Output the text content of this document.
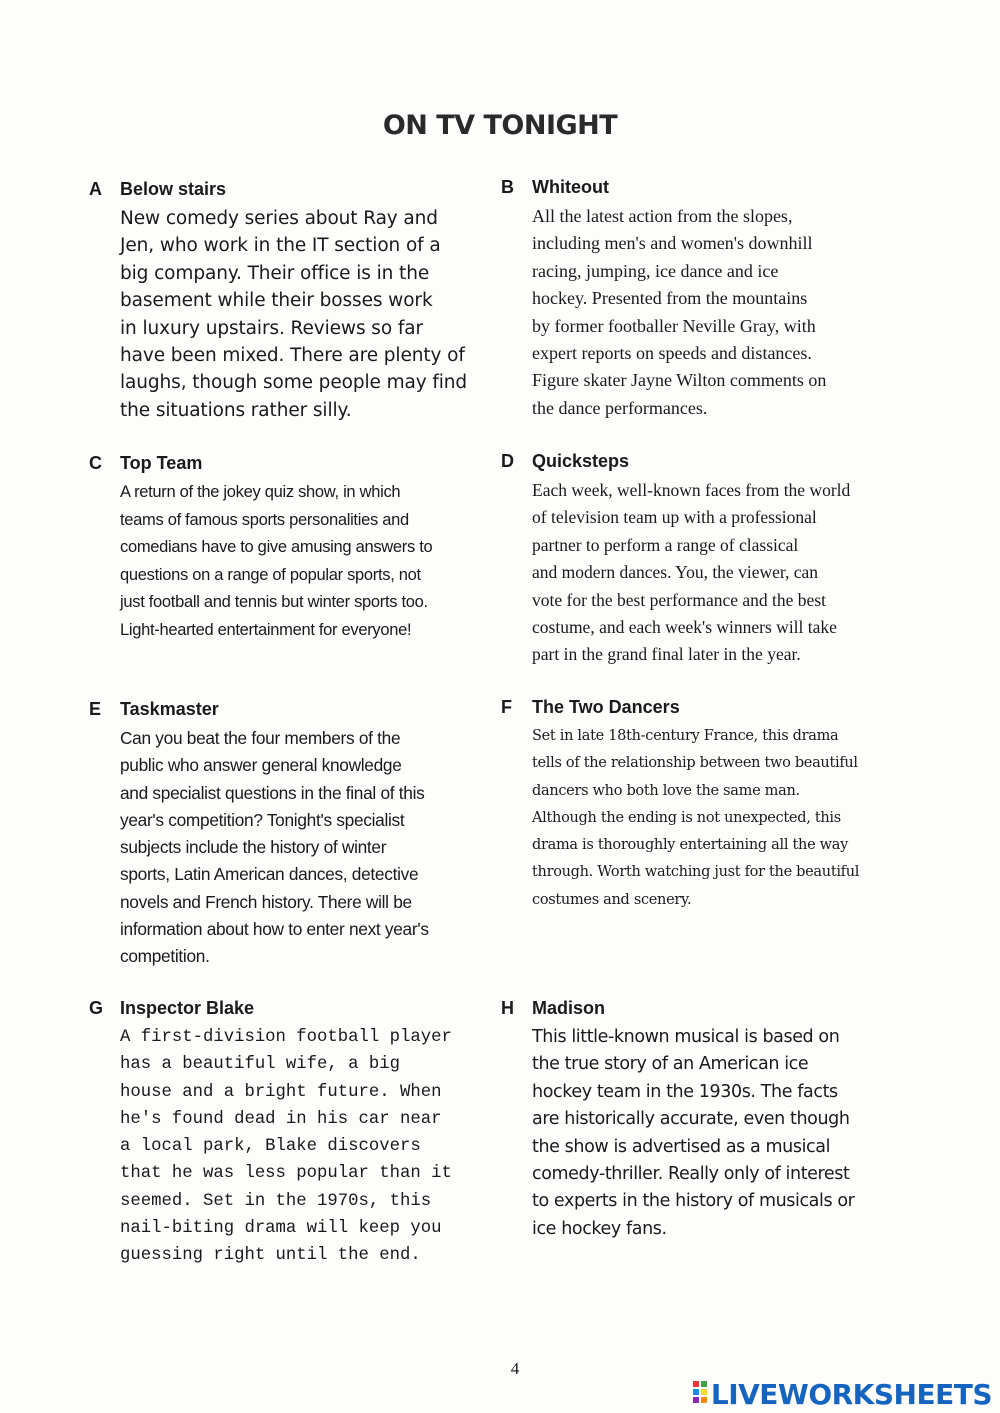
ON TV TONIGHT
A Below stairs
New comedy series about Ray and
Jen, who work in the IT section of a
big company. Their office is in the
basement while their bosses work
in luxury upstairs. Reviews so far
have been mixed. There are plenty of
laughs, though some people may find
the situations rather silly.
B Whiteout
All the latest action from the slopes,
including men's and women's downhill
racing, jumping, ice dance and ice
hockey. Presented from the mountains
by former footballer Neville Gray, with
expert reports on speeds and distances.
Figure skater Jayne Wilton comments on
the dance performances.
C Top Team
A return of the jokey quiz show, in which
teams of famous sports personalities and
comedians have to give amusing answers to
questions on a range of popular sports, not
just football and tennis but winter sports too.
Light-hearted entertainment for everyone!
D Quicksteps
Each week, well-known faces from the world
of television team up with a professional
partner to perform a range of classical
and modern dances. You, the viewer, can
vote for the best performance and the best
costume, and each week's winners will take
part in the grand final later in the year.
E Taskmaster
Can you beat the four members of the
public who answer general knowledge
and specialist questions in the final of this
year's competition? Tonight's specialist
subjects include the history of winter
sports, Latin American dances, detective
novels and French history. There will be
information about how to enter next year's
competition.
F The Two Dancers
Set in late 18th-century France, this drama
tells of the relationship between two beautiful
dancers who both love the same man.
Although the ending is not unexpected, this
drama is thoroughly entertaining all the way
through. Worth watching just for the beautiful
costumes and scenery.
G Inspector Blake
A first-division football player
has a beautiful wife, a big
house and a bright future. When
he's found dead in his car near
a local park, Blake discovers
that he was less popular than it
seemed. Set in the 1970s, this
nail-biting drama will keep you
guessing right until the end.
H Madison
This little-known musical is based on
the true story of an American ice
hockey team in the 1930s. The facts
are historically accurate, even though
the show is advertised as a musical
comedy-thriller. Really only of interest
to experts in the history of musicals or
ice hockey fans.
4
LIVEWORKSHEETS
